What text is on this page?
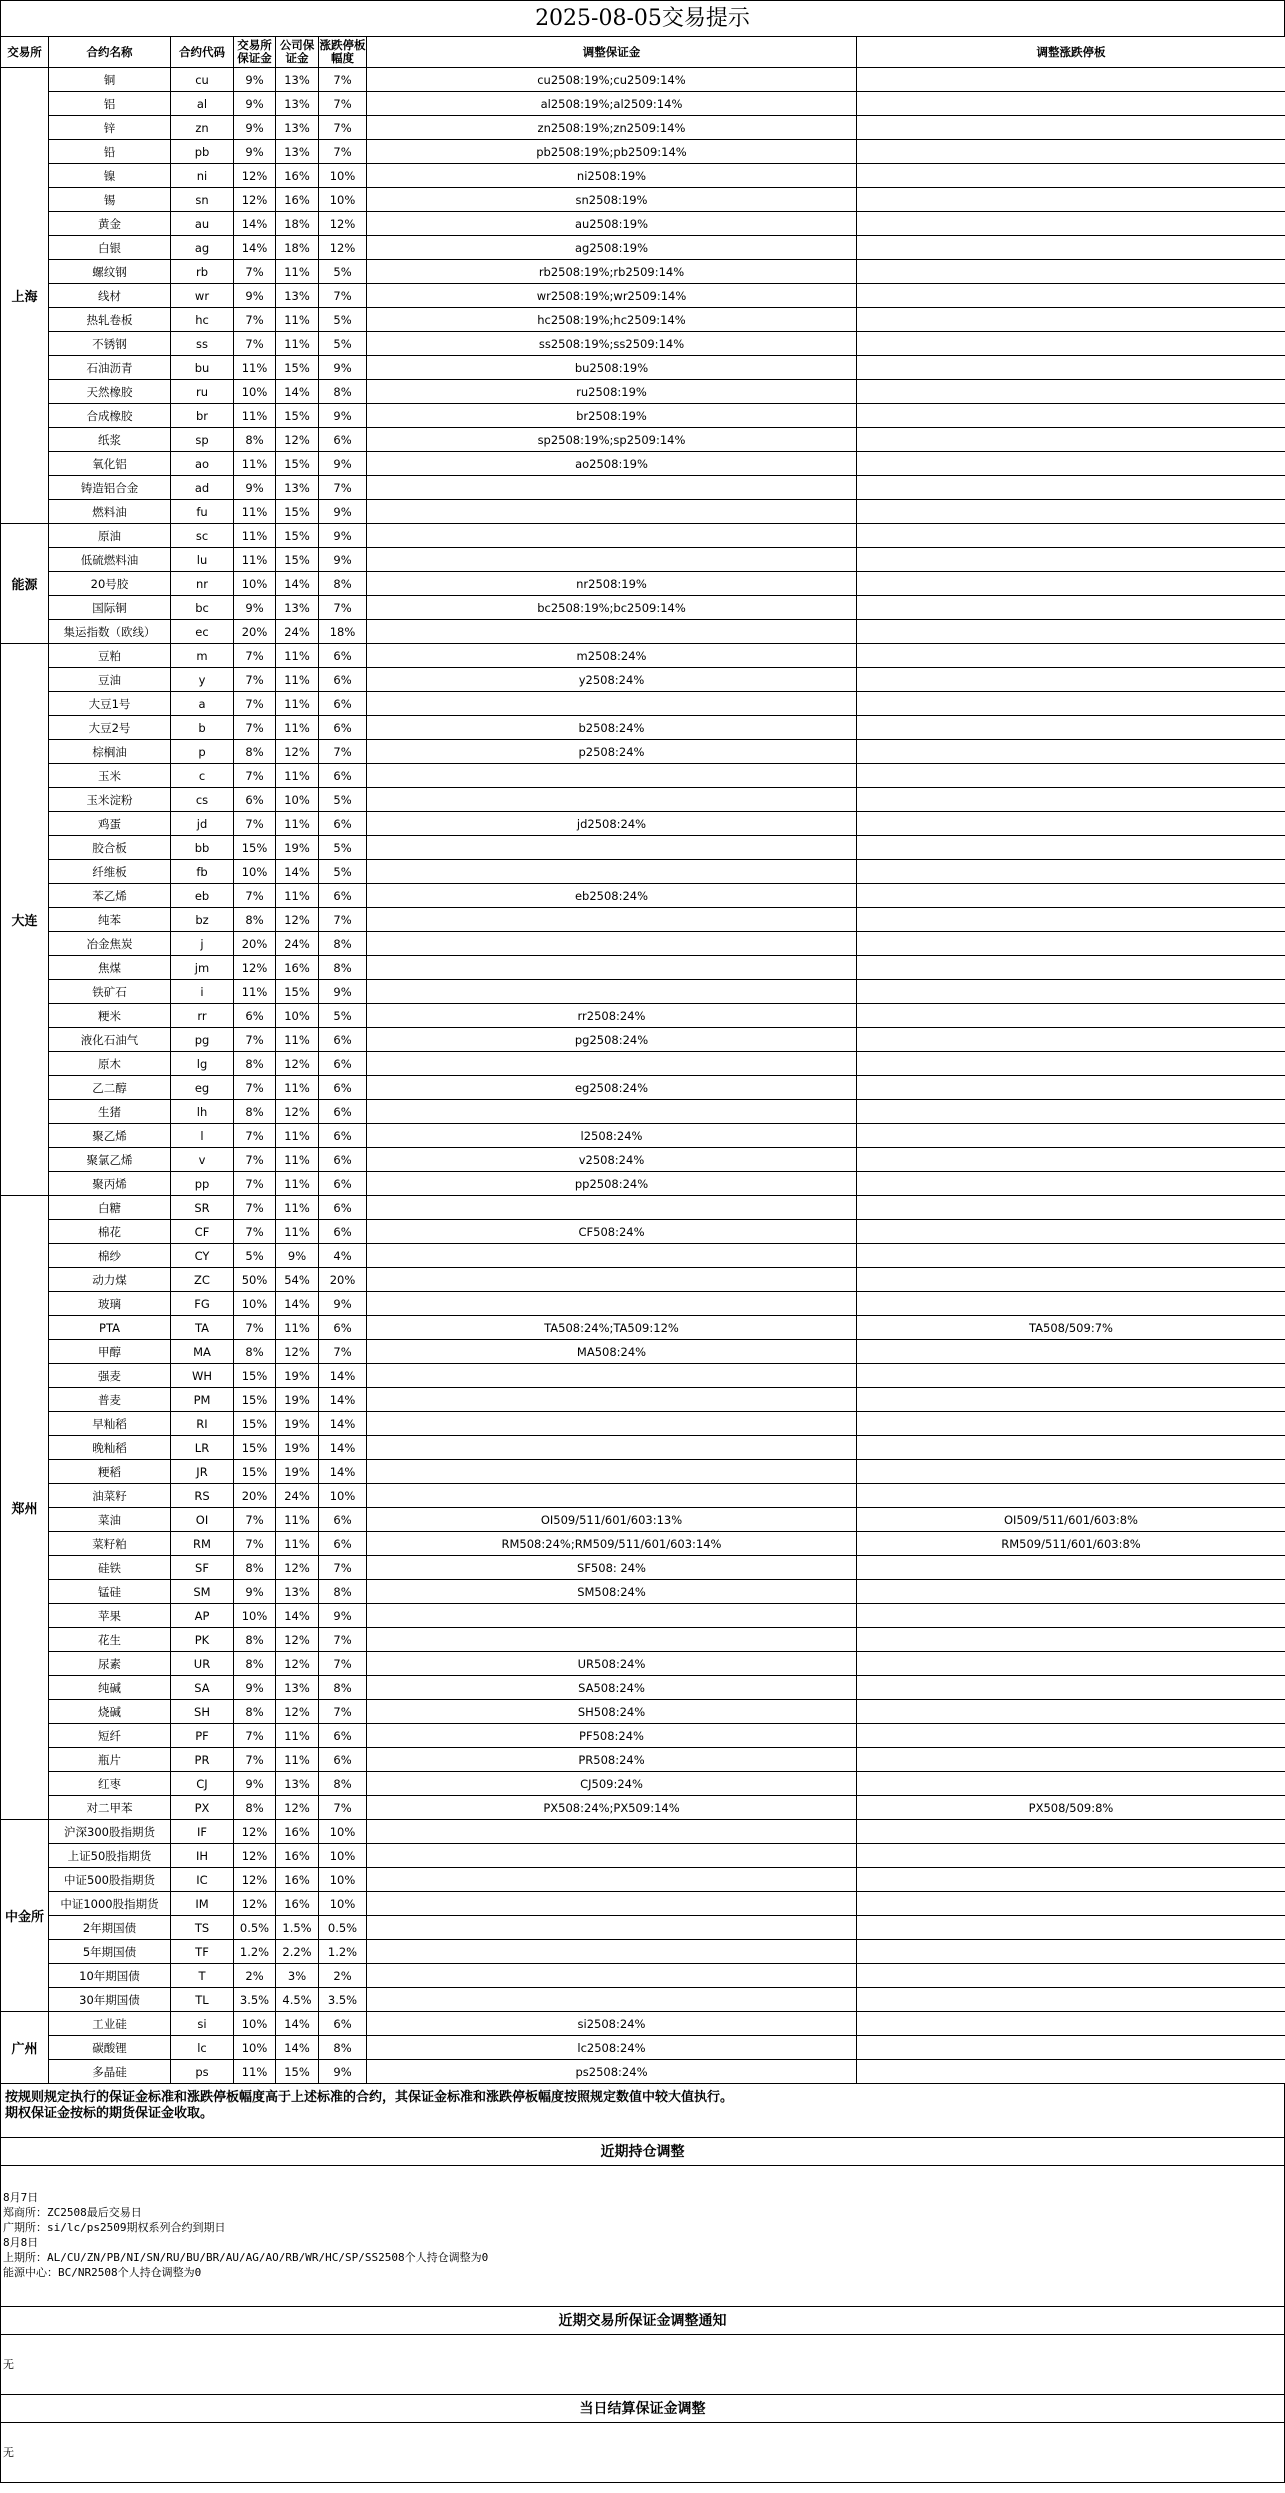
2025-08-05交易提示
交易所	合约名称	合约代码	交易所保证金	公司保证金	涨跌停板幅度	调整保证金	调整涨跌停板
上海	铜	cu	9%	13%	7%	cu2508:19%;cu2509:14%	
	铝	al	9%	13%	7%	al2508:19%;al2509:14%	
	锌	zn	9%	13%	7%	zn2508:19%;zn2509:14%	
	铅	pb	9%	13%	7%	pb2508:19%;pb2509:14%	
	镍	ni	12%	16%	10%	ni2508:19%	
	锡	sn	12%	16%	10%	sn2508:19%	
	黄金	au	14%	18%	12%	au2508:19%	
	白银	ag	14%	18%	12%	ag2508:19%	
	螺纹钢	rb	7%	11%	5%	rb2508:19%;rb2509:14%	
	线材	wr	9%	13%	7%	wr2508:19%;wr2509:14%	
	热轧卷板	hc	7%	11%	5%	hc2508:19%;hc2509:14%	
	不锈钢	ss	7%	11%	5%	ss2508:19%;ss2509:14%	
	石油沥青	bu	11%	15%	9%	bu2508:19%	
	天然橡胶	ru	10%	14%	8%	ru2508:19%	
	合成橡胶	br	11%	15%	9%	br2508:19%	
	纸浆	sp	8%	12%	6%	sp2508:19%;sp2509:14%	
	氧化铝	ao	11%	15%	9%	ao2508:19%	
	铸造铝合金	ad	9%	13%	7%		
	燃料油	fu	11%	15%	9%		
能源	原油	sc	11%	15%	9%		
	低硫燃料油	lu	11%	15%	9%		
	20号胶	nr	10%	14%	8%	nr2508:19%	
	国际铜	bc	9%	13%	7%	bc2508:19%;bc2509:14%	
	集运指数（欧线）	ec	20%	24%	18%		
大连	豆粕	m	7%	11%	6%	m2508:24%	
	豆油	y	7%	11%	6%	y2508:24%	
	大豆1号	a	7%	11%	6%		
	大豆2号	b	7%	11%	6%	b2508:24%	
	棕榈油	p	8%	12%	7%	p2508:24%	
	玉米	c	7%	11%	6%		
	玉米淀粉	cs	6%	10%	5%		
	鸡蛋	jd	7%	11%	6%	jd2508:24%	
	胶合板	bb	15%	19%	5%		
	纤维板	fb	10%	14%	5%		
	苯乙烯	eb	7%	11%	6%	eb2508:24%	
	纯苯	bz	8%	12%	7%		
	冶金焦炭	j	20%	24%	8%		
	焦煤	jm	12%	16%	8%		
	铁矿石	i	11%	15%	9%		
	粳米	rr	6%	10%	5%	rr2508:24%	
	液化石油气	pg	7%	11%	6%	pg2508:24%	
	原木	lg	8%	12%	6%		
	乙二醇	eg	7%	11%	6%	eg2508:24%	
	生猪	lh	8%	12%	6%		
	聚乙烯	l	7%	11%	6%	l2508:24%	
	聚氯乙烯	v	7%	11%	6%	v2508:24%	
	聚丙烯	pp	7%	11%	6%	pp2508:24%	
郑州	白糖	SR	7%	11%	6%		
	棉花	CF	7%	11%	6%	CF508:24%	
	棉纱	CY	5%	9%	4%		
	动力煤	ZC	50%	54%	20%		
	玻璃	FG	10%	14%	9%		
	PTA	TA	7%	11%	6%	TA508:24%;TA509:12%	TA508/509:7%
	甲醇	MA	8%	12%	7%	MA508:24%	
	强麦	WH	15%	19%	14%		
	普麦	PM	15%	19%	14%		
	早籼稻	RI	15%	19%	14%		
	晚籼稻	LR	15%	19%	14%		
	粳稻	JR	15%	19%	14%		
	油菜籽	RS	20%	24%	10%		
	菜油	OI	7%	11%	6%	OI509/511/601/603:13%	OI509/511/601/603:8%
	菜籽粕	RM	7%	11%	6%	RM508:24%;RM509/511/601/603:14%	RM509/511/601/603:8%
	硅铁	SF	8%	12%	7%	SF508: 24%	
	锰硅	SM	9%	13%	8%	SM508:24%	
	苹果	AP	10%	14%	9%		
	花生	PK	8%	12%	7%		
	尿素	UR	8%	12%	7%	UR508:24%	
	纯碱	SA	9%	13%	8%	SA508:24%	
	烧碱	SH	8%	12%	7%	SH508:24%	
	短纤	PF	7%	11%	6%	PF508:24%	
	瓶片	PR	7%	11%	6%	PR508:24%	
	红枣	CJ	9%	13%	8%	CJ509:24%	
	对二甲苯	PX	8%	12%	7%	PX508:24%;PX509:14%	PX508/509:8%
中金所	沪深300股指期货	IF	12%	16%	10%		
	上证50股指期货	IH	12%	16%	10%		
	中证500股指期货	IC	12%	16%	10%		
	中证1000股指期货	IM	12%	16%	10%		
	2年期国债	TS	0.5%	1.5%	0.5%		
	5年期国债	TF	1.2%	2.2%	1.2%		
	10年期国债	T	2%	3%	2%		
	30年期国债	TL	3.5%	4.5%	3.5%		
广州	工业硅	si	10%	14%	6%	si2508:24%	
	碳酸锂	lc	10%	14%	8%	lc2508:24%	
	多晶硅	ps	11%	15%	9%	ps2508:24%	
按规则规定执行的保证金标准和涨跌停板幅度高于上述标准的合约，其保证金标准和涨跌停板幅度按照规定数值中较大值执行。
期权保证金按标的期货保证金收取。
近期持仓调整
8月7日
郑商所：ZC2508最后交易日
广期所：si/lc/ps2509期权系列合约到期日
8月8日
上期所：AL/CU/ZN/PB/NI/SN/RU/BU/BR/AU/AG/AO/RB/WR/HC/SP/SS2508个人持仓调整为0
能源中心：BC/NR2508个人持仓调整为0
近期交易所保证金调整通知
无
当日结算保证金调整
无
